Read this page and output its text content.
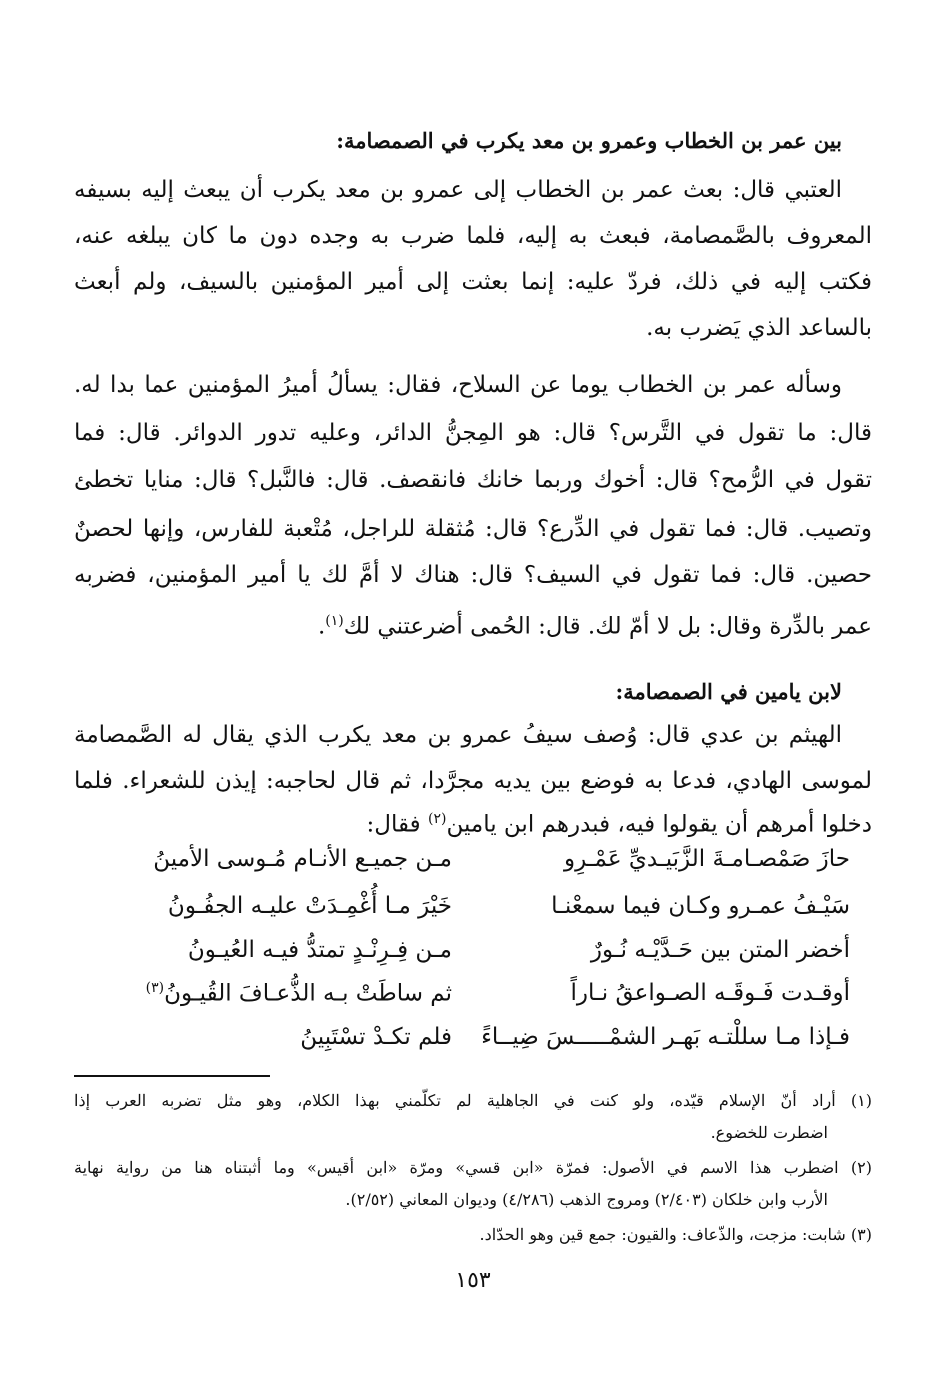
بين عمر بن الخطاب وعمرو بن معد يكرب في الصمصامة:
العتبي قال: بعث عمر بن الخطاب إلى عمرو بن معد يكرب أن يبعث إليه بسيفه
المعروف بالصَّمصامة، فبعث به إليه، فلما ضرب به وجده دون ما كان يبلغه عنه،
فكتب إليه في ذلك، فردّ عليه: إنما بعثت إلى أمير المؤمنين بالسيف، ولم أبعث
بالساعد الذي يَضرب به.
وسأله عمر بن الخطاب يوما عن السلاح، فقال: يسألُ أميرُ المؤمنين عما بدا له.
قال: ما تقول في التَّرس؟ قال: هو المِجنُّ الدائر، وعليه تدور الدوائر. قال: فما
تقول في الرُّمح؟ قال: أخوك وربما خانك فانقصف. قال: فالنَّبل؟ قال: منايا تخطئ
وتصيب. قال: فما تقول في الدِّرع؟ قال: مُثقلة للراجل، مُتْعبة للفارس، وإنها لحصنٌ
حصين. قال: فما تقول في السيف؟ قال: هناك لا أمَّ لك يا أمير المؤمنين، فضربه
عمر بالدِّرة وقال: بل لا أمّ لك. قال: الحُمى أضرعتني لك$^{(١)}$.
لابن يامين في الصمصامة:
الهيثم بن عدي قال: وُصف سيفُ عمرو بن معد يكرب الذي يقال له الصَّمصامة
لموسى الهادي، فدعا به فوضع بين يديه مجرَّدا، ثم قال لحاجبه: إيذن للشعراء. فلما
دخلوا أمرهم أن يقولوا فيه، فبدرهم ابن يامين$^{(٢)}$ فقال:
حازَ صَمْصـامـةَ الزَّبَيـديِّ عَمْـرِو
مـن جميـع الأنـام مُـوسى الأمينُ
سَيْـفُ عمـرو وكـان فيما سمعْنـا
خَيْرَ مـا أُغْمِـدَتْ عليـه الجفُـونُ
أخضر المتن بين حَـدَّيْـه نُـورٌ
مـن فِـرِنْـدٍ تمتدُّ فيـه العُيـونُ
أوقـدت فَـوقَـه الصـواعقُ نـاراً
ثم ساطَتْ بـه الذُّعـافَ القُيـونُ$^{(٣)}$
فـإذا مـا سللْتـه بَهـر الشمْـــــسَ ضِيــاءً
فلم تكـدْ تسْتَبِينُ
(١) أراد أنّ الإسلام قيّده، ولو كنت في الجاهلية لم تكلّمني بهذا الكلام، وهو مثل تضربه العرب إذا
اضطرت للخضوع.
(٢) اضطرب هذا الاسم في الأصول: فمرّة «ابن قسي» ومرّة «ابن أقيس» وما أثبتناه هنا من رواية نهاية
الأرب وابن خلكان (٢/٤٠٣) ومروج الذهب (٤/٢٨٦) وديوان المعاني (٢/٥٢).
(٣) شابت: مزجت، والذّعاف: والقيون: جمع قين وهو الحدّاد.
١٥٣
